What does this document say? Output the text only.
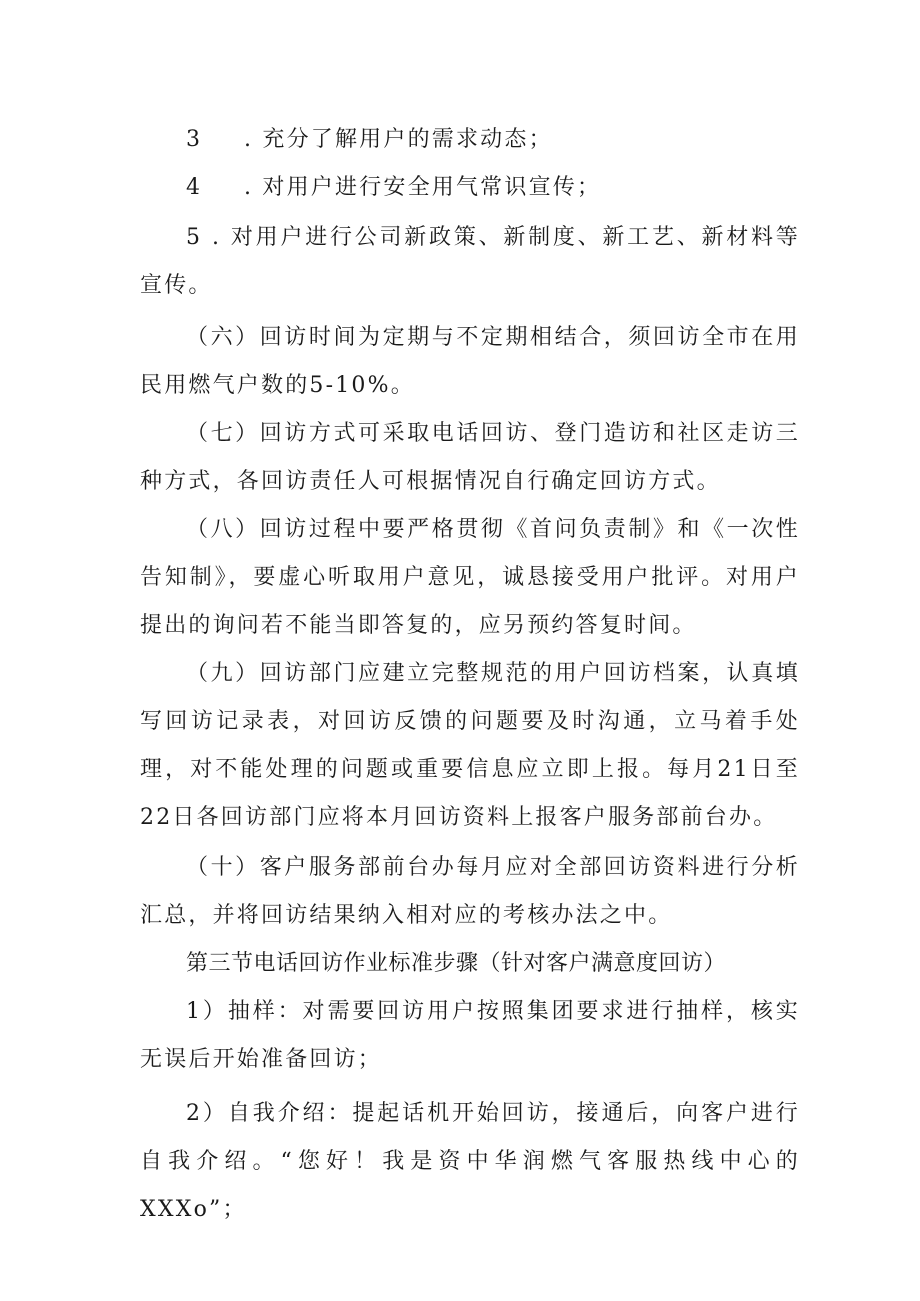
3 . 充分了解用户的需求动态；
4 . 对用户进行安全用气常识宣传；

5 . 对用户进行公司新政策、新制度、新工艺、新材料等宣传。

（六）回访时间为定期与不定期相结合，须回访全市在用民用燃气户数的5-10%。

（七）回访方式可采取电话回访、登门造访和社区走访三种方式，各回访责任人可根据情况自行确定回访方式。

（八）回访过程中要严格贯彻《首问负责制》和《一次性告知制》，要虚心听取用户意见，诚恳接受用户批评。对用户提出的询问若不能当即答复的，应另预约答复时间。

（九）回访部门应建立完整规范的用户回访档案，认真填写回访记录表，对回访反馈的问题要及时沟通，立马着手处理，对不能处理的问题或重要信息应立即上报。每月21日至22日各回访部门应将本月回访资料上报客户服务部前台办。

（十）客户服务部前台办每月应对全部回访资料进行分析汇总，并将回访结果纳入相对应的考核办法之中。

第三节电话回访作业标准步骤（针对客户满意度回访）

1）抽样：对需要回访用户按照集团要求进行抽样，核实无误后开始准备回访；

2）自我介绍：提起话机开始回访，接通后，向客户进行自我介绍。“您好！我是资中华润燃气客服热线中心的XXXo”；
